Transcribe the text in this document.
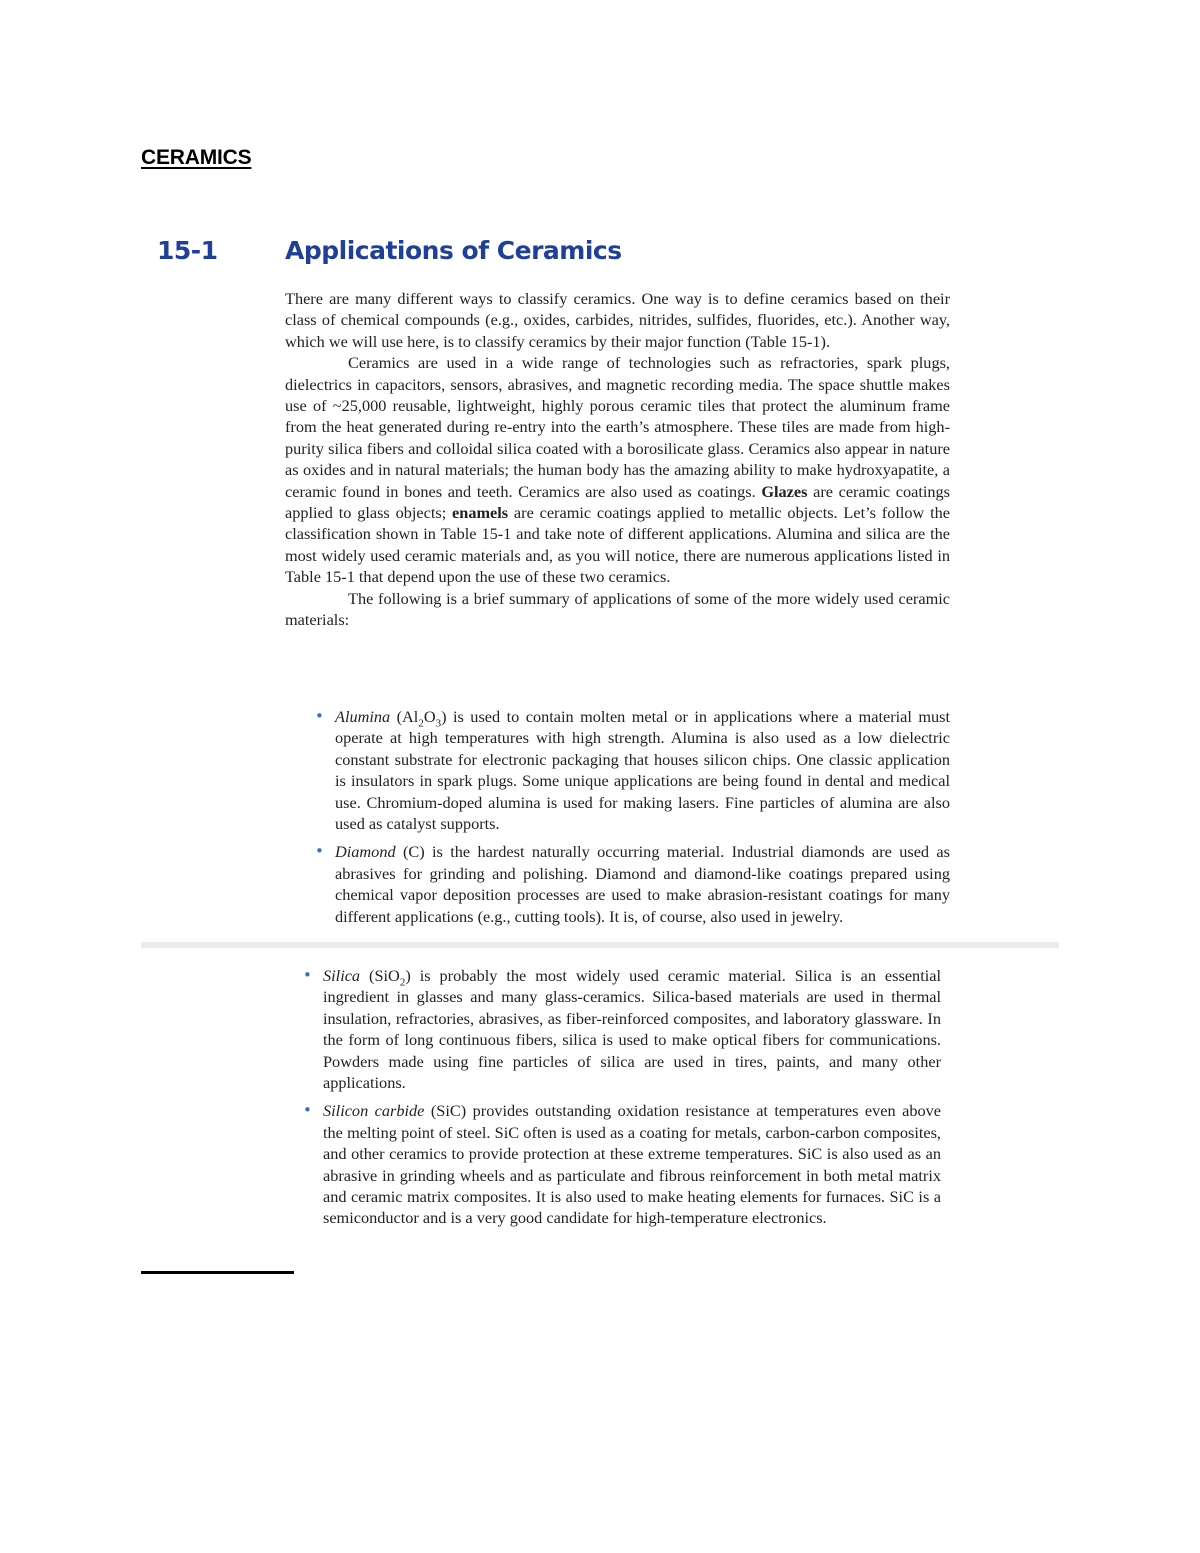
CERAMICS
15-1	Applications of Ceramics

There are many different ways to classify ceramics. One way is to define ceramics based on their class of chemical compounds (e.g., oxides, carbides, nitrides, sulfides, fluorides, etc.). Another way, which we will use here, is to classify ceramics by their major function (Table 15-1).

Ceramics are used in a wide range of technologies such as refractories, spark plugs, dielectrics in capacitors, sensors, abrasives, and magnetic recording media. The space shuttle makes use of ~25,000 reusable, lightweight, highly porous ceramic tiles that protect the aluminum frame from the heat generated during re-entry into the earth’s atmosphere. These tiles are made from high-purity silica fibers and colloidal silica coated with a borosilicate glass. Ceramics also appear in nature as oxides and in natural materials; the human body has the amazing ability to make hydroxyapatite, a ceramic found in bones and teeth. Ceramics are also used as coatings. Glazes are ceramic coatings applied to glass objects; enamels are ceramic coatings applied to metallic objects. Let’s follow the classification shown in Table 15-1 and take note of different applications. Alumina and silica are the most widely used ceramic materials and, as you will notice, there are numerous applications listed in Table 15-1 that depend upon the use of these two ceramics.

The following is a brief summary of applications of some of the more widely used ceramic materials:

• Alumina $(Al_2O_3)$ is used to contain molten metal or in applications where a material must operate at high temperatures with high strength. Alumina is also used as a low dielectric constant substrate for electronic packaging that houses silicon chips. One classic application is insulators in spark plugs. Some unique applications are being found in dental and medical use. Chromium-doped alumina is used for making lasers. Fine particles of alumina are also used as catalyst supports.
• Diamond (C) is the hardest naturally occurring material. Industrial diamonds are used as abrasives for grinding and polishing. Diamond and diamond-like coatings prepared using chemical vapor deposition processes are used to make abrasion-resistant coatings for many different applications (e.g., cutting tools). It is, of course, also used in jewelry.
• Silica (SiO$_2$) is probably the most widely used ceramic material. Silica is an essential ingredient in glasses and many glass-ceramics. Silica-based materials are used in thermal insulation, refractories, abrasives, as fiber-reinforced composites, and laboratory glassware. In the form of long continuous fibers, silica is used to make optical fibers for communications. Powders made using fine particles of silica are used in tires, paints, and many other applications.
• Silicon carbide (SiC) provides outstanding oxidation resistance at temperatures even above the melting point of steel. SiC often is used as a coating for metals, carbon-carbon composites, and other ceramics to provide protection at these extreme temperatures. SiC is also used as an abrasive in grinding wheels and as particulate and fibrous reinforcement in both metal matrix and ceramic matrix composites. It is also used to make heating elements for furnaces. SiC is a semiconductor and is a very good candidate for high-temperature electronics.
